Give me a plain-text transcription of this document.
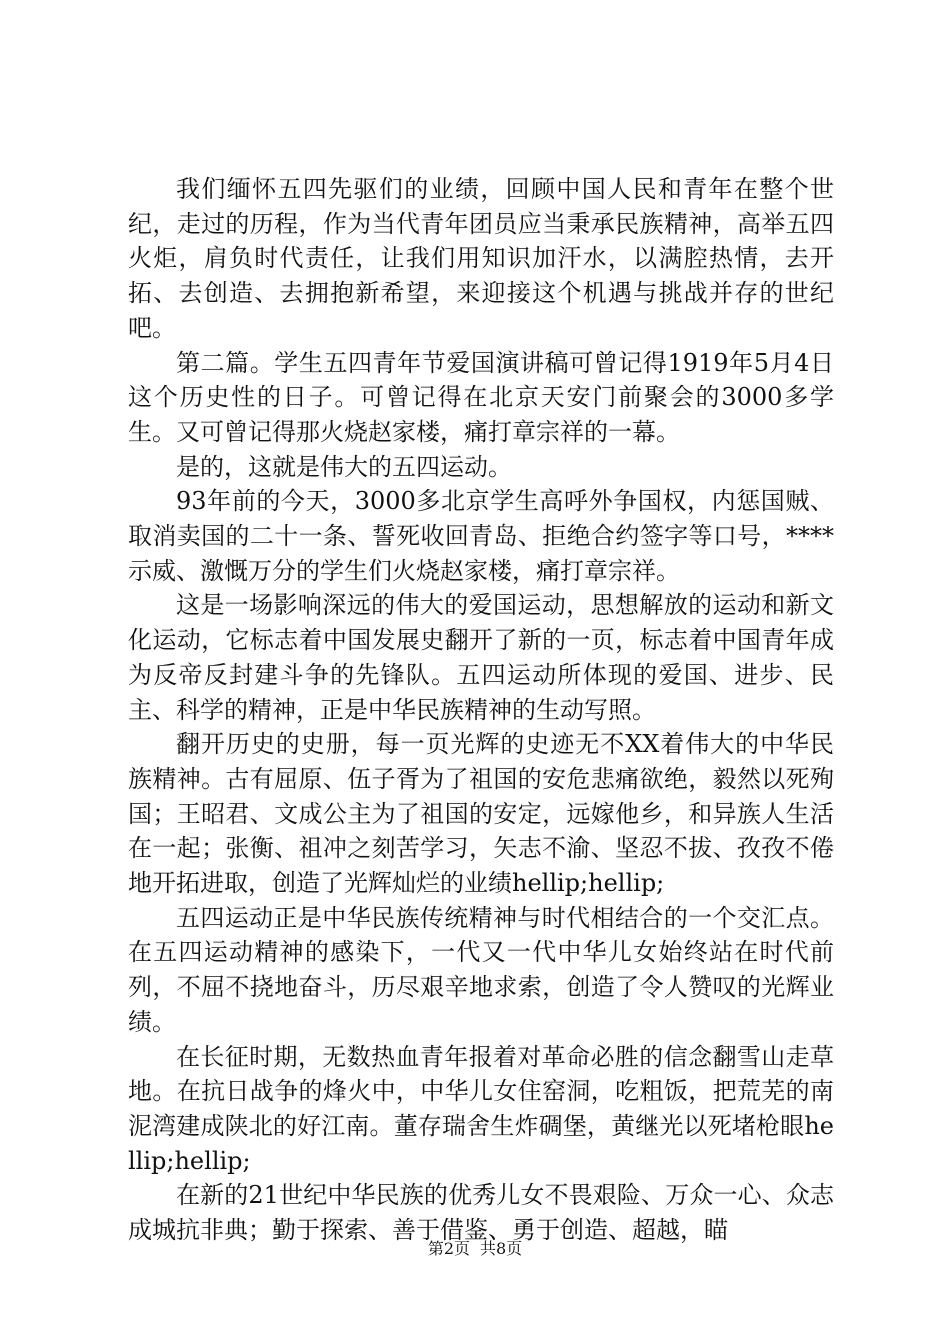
我们缅怀五四先驱们的业绩，回顾中国人民和青年在整个世纪，走过的历程，作为当代青年团员应当秉承民族精神，高举五四火炬，肩负时代责任，让我们用知识加汗水，以满腔热情，去开拓、去创造、去拥抱新希望，来迎接这个机遇与挑战并存的世纪吧。

第二篇。学生五四青年节爱国演讲稿可曾记得1919年5月4日这个历史性的日子。可曾记得在北京天安门前聚会的3000多学生。又可曾记得那火烧赵家楼，痛打章宗祥的一幕。

是的，这就是伟大的五四运动。

93年前的今天，3000多北京学生高呼外争国权，内惩国贼、取消卖国的二十一条、誓死收回青岛、拒绝合约签字等口号，****示威、激慨万分的学生们火烧赵家楼，痛打章宗祥。

这是一场影响深远的伟大的爱国运动，思想解放的运动和新文化运动，它标志着中国发展史翻开了新的一页，标志着中国青年成为反帝反封建斗争的先锋队。五四运动所体现的爱国、进步、民主、科学的精神，正是中华民族精神的生动写照。

翻开历史的史册，每一页光辉的史迹无不XX着伟大的中华民族精神。古有屈原、伍子胥为了祖国的安危悲痛欲绝，毅然以死殉国；王昭君、文成公主为了祖国的安定，远嫁他乡，和异族人生活在一起；张衡、祖冲之刻苦学习，矢志不渝、坚忍不拔、孜孜不倦地开拓进取，创造了光辉灿烂的业绩hellip;hellip;

五四运动正是中华民族传统精神与时代相结合的一个交汇点。在五四运动精神的感染下，一代又一代中华儿女始终站在时代前列，不屈不挠地奋斗，历尽艰辛地求索，创造了令人赞叹的光辉业绩。

在长征时期，无数热血青年报着对革命必胜的信念翻雪山走草地。在抗日战争的烽火中，中华儿女住窑洞，吃粗饭，把荒芜的南泥湾建成陕北的好江南。董存瑞舍生炸碉堡，黄继光以死堵枪眼hellip;hellip;

在新的21世纪中华民族的优秀儿女不畏艰险、万众一心、众志成城抗非典；勤于探索、善于借鉴、勇于创造、超越，瞄

第2页 共8页
